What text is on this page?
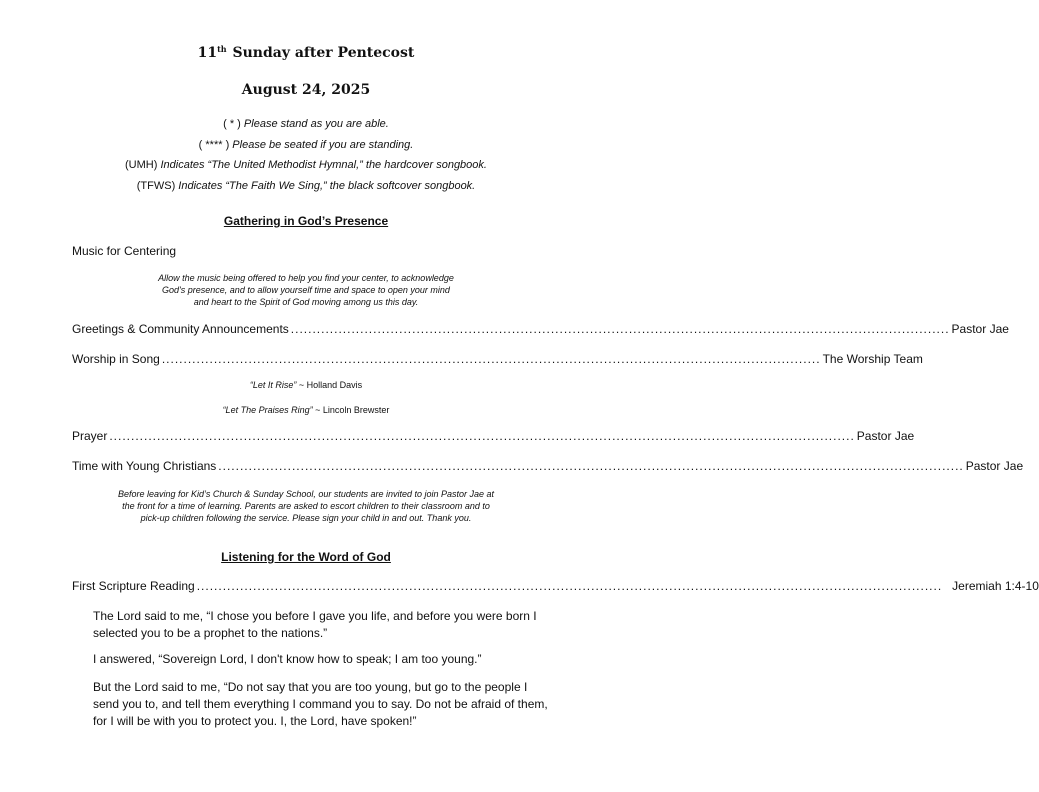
11th Sunday after Pentecost
August 24, 2025
( * ) Please stand as you are able.
( **** ) Please be seated if you are standing.
(UMH) Indicates “The United Methodist Hymnal,” the hardcover songbook.
(TFWS) Indicates “The Faith We Sing,” the black softcover songbook.
Gathering in God’s Presence
Music for Centering
Allow the music being offered to help you find your center, to acknowledge
God's presence, and to allow yourself time and space to open your mind
and heart to the Spirit of God moving among us this day.
Greetings & Community Announcements ........................................................................................................................................................ Pastor Jae
Worship in Song ........................................................................................................................................................ The Worship Team
“Let It Rise” ~ Holland Davis
“Let The Praises Ring” ~ Lincoln Brewster
Prayer ............................................................................................................................................................................ Pastor Jae
Time with Young Christians ............................................................................................................................................................................ Pastor Jae
Before leaving for Kid’s Church & Sunday School, our students are invited to join Pastor Jae at
the front for a time of learning. Parents are asked to escort children to their classroom and to
pick-up children following the service. Please sign your child in and out. Thank you.
Listening for the Word of God
First Scripture Reading ............................................................................................................................................................................ Jeremiah 1:4-10
The Lord said to me, “I chose you before I gave you life, and before you were born I selected you to be a prophet to the nations.”
I answered, “Sovereign Lord, I don't know how to speak; I am too young.”
But the Lord said to me, “Do not say that you are too young, but go to the people I send you to, and tell them everything I command you to say. Do not be afraid of them, for I will be with you to protect you. I, the Lord, have spoken!”
